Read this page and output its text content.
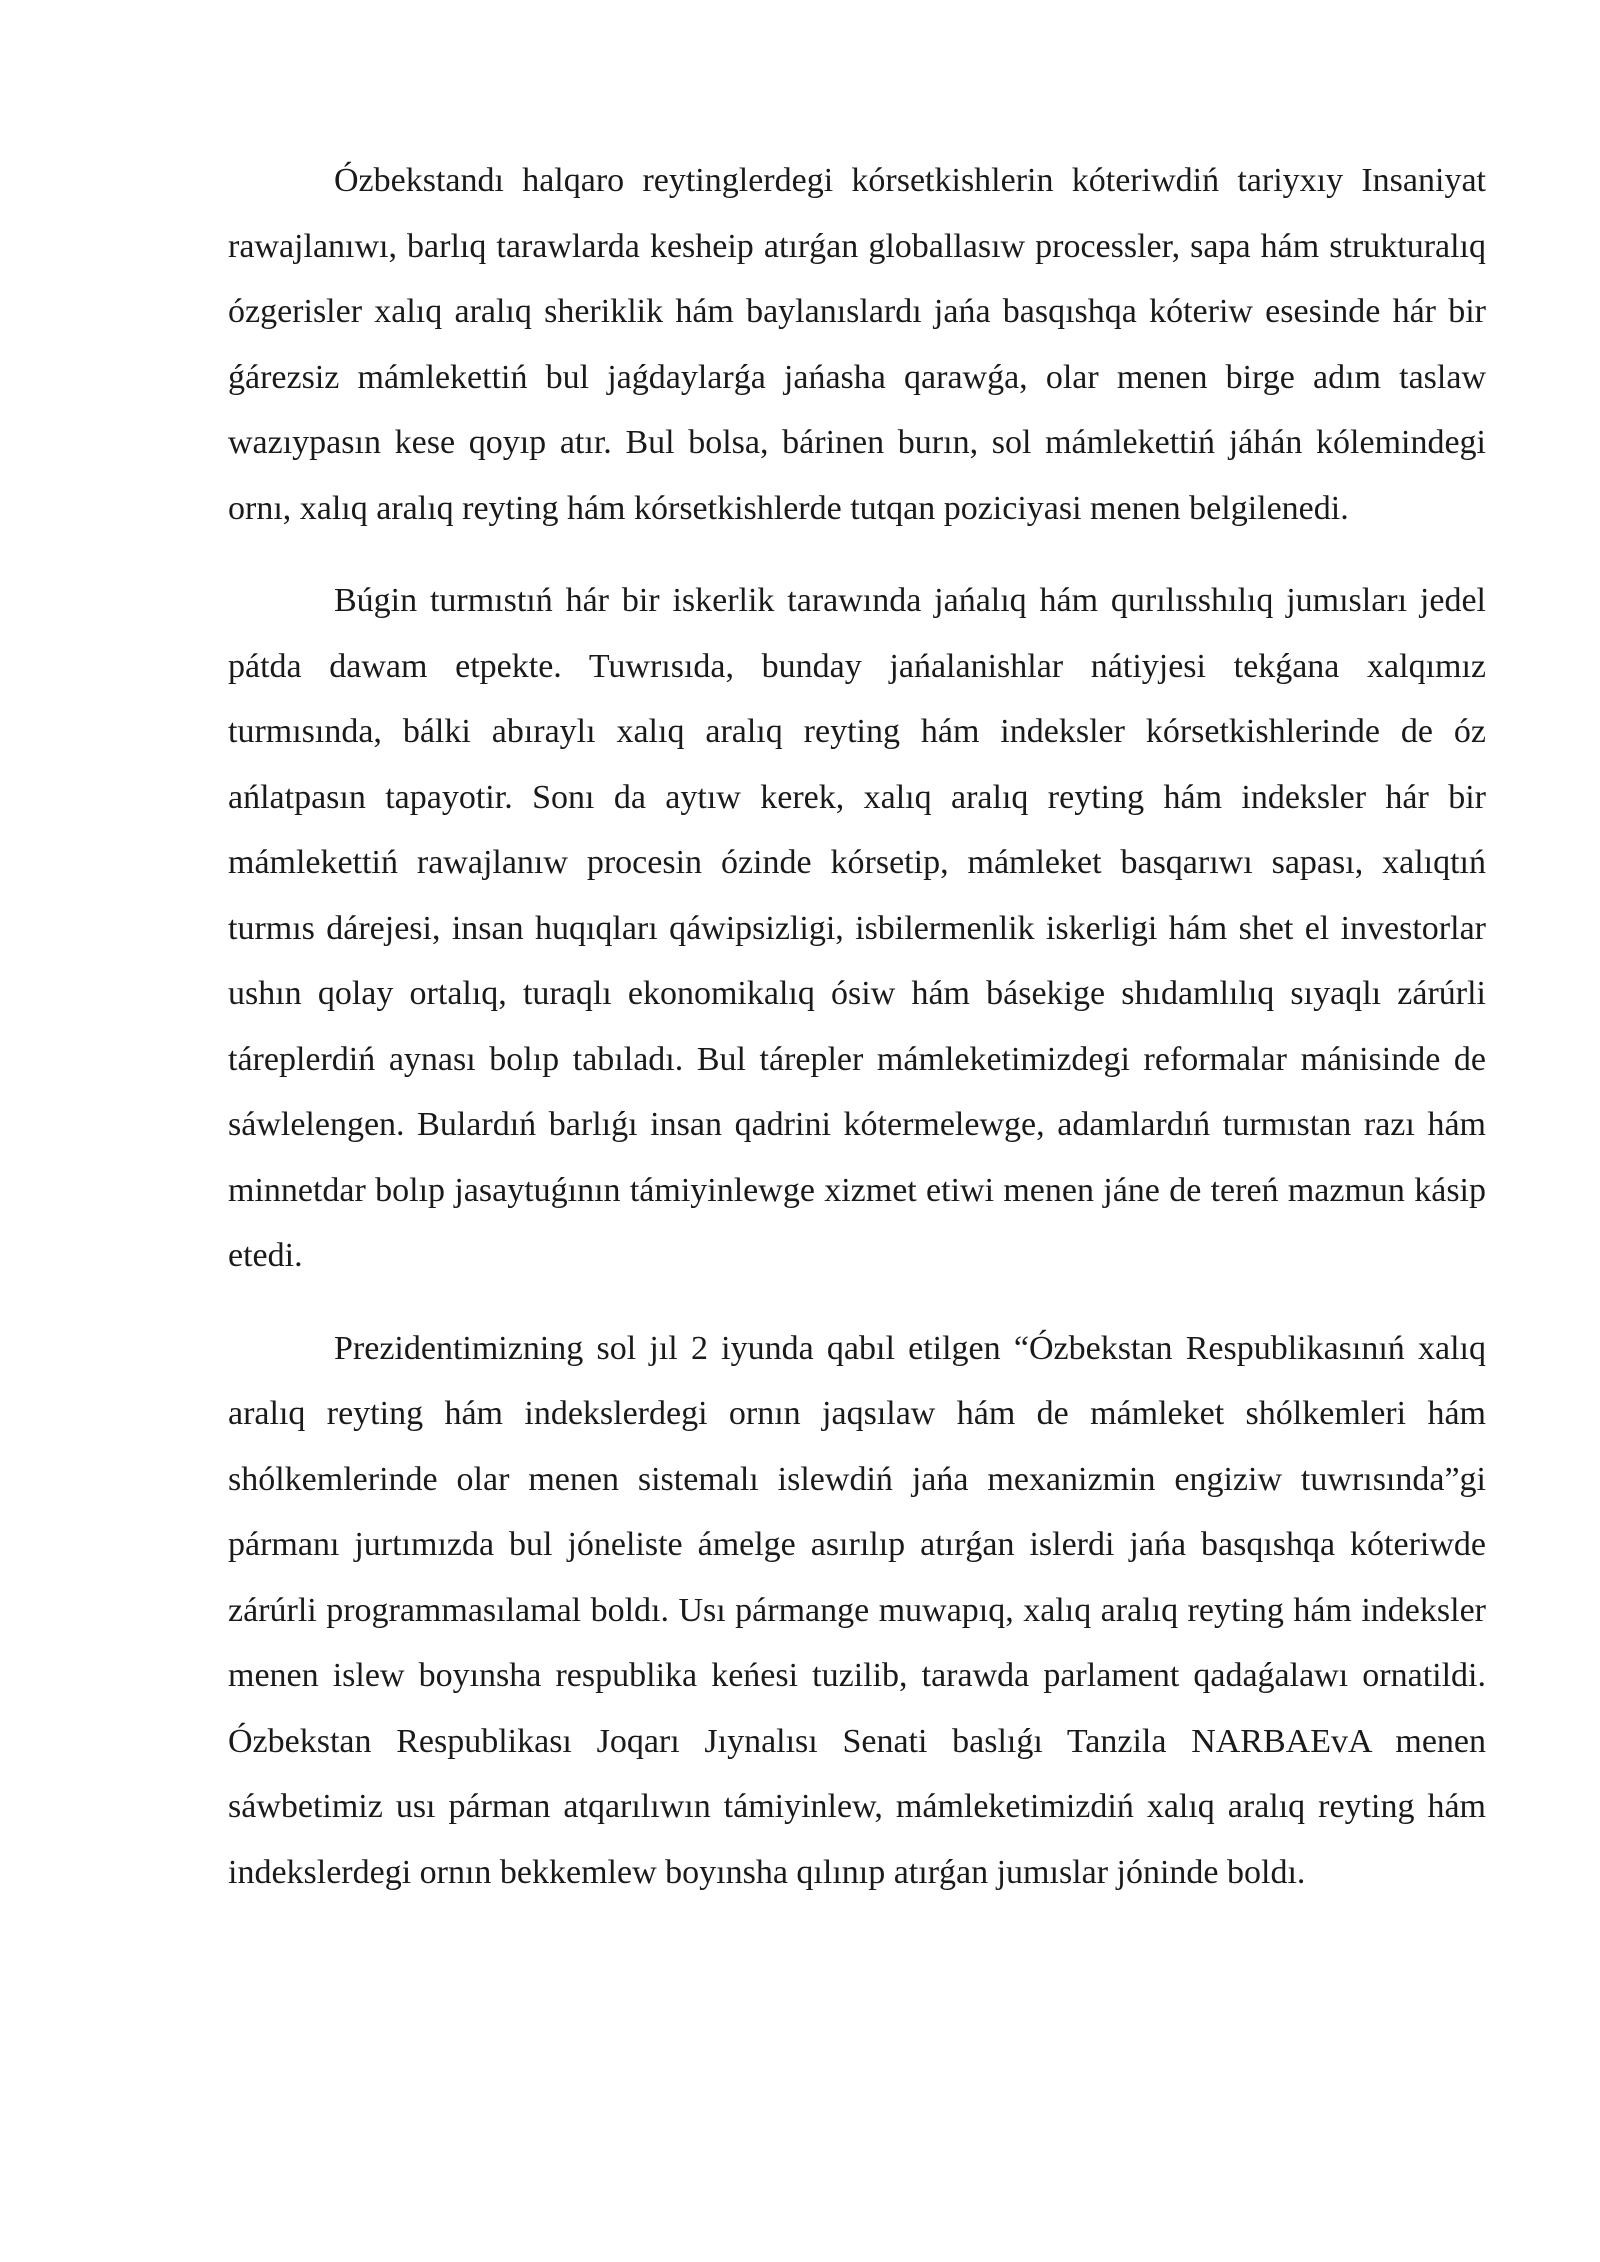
Ózbekstandı halqaro reytinglerdegi kórsetkishlerin kóteriwdiń tariyxıy Insaniyat rawajlanıwı, barlıq tarawlarda kesheip atırǵan globallasıw processler, sapa hám strukturalıq ózgerisler xalıq aralıq sheriklik hám baylanıslardı jańa basqıshqa kóteriw esesinde hár bir ǵárezsiz mámlekettiń bul jaǵdaylarǵa jańasha qarawǵa, olar menen birge adım taslaw wazıypasın kese qoyıp atır. Bul bolsa, bárinen burın, sol mámlekettiń jáhán kólemindegi ornı, xalıq aralıq reyting hám kórsetkishlerde tutqan poziciyasi menen belgilenedi.

Búgin turmıstıń hár bir iskerlik tarawında jańalıq hám qurılısshılıq jumısları jedel pátda dawam etpekte. Tuwrısıda, bunday jańalanishlar nátiyjesi tekǵana xalqımız turmısında, bálki abıraylı xalıq aralıq reyting hám indeksler kórsetkishlerinde de óz ańlatpasın tapayotir. Sonı da aytıw kerek, xalıq aralıq reyting hám indeksler hár bir mámlekettiń rawajlanıw procesin ózinde kórsetip, mámleket basqarıwı sapası, xalıqtıń turmıs dárejesi, insan huqıqları qáwipsizligi, isbilermenlik iskerligi hám shet el investorlar ushın qolay ortalıq, turaqlı ekonomikalıq ósiw hám básekige shıdamlılıq sıyaqlı zárúrli táreplerdiń aynası bolıp tabıladı. Bul tárepler mámleketimizdegi reformalar mánisinde de sáwlelengen. Bulardıń barlıǵı insan qadrini kótermelewge, adamlardıń turmıstan razı hám minnetdar bolıp jasaytuǵının támiyinlewge xizmet etiwi menen jáne de tereń mazmun kásip etedi.

Prezidentimizning sol jıl 2 iyunda qabıl etilgen “Ózbekstan Respublikasınıń xalıq aralıq reyting hám indekslerdegi ornın jaqsılaw hám de mámleket shólkemleri hám shólkemlerinde olar menen sistemalı islewdiń jańa mexanizmin engiziw tuwrısında”gi pármanı jurtımızda bul jóneliste ámelge asırılıp atırǵan islerdi jańa basqıshqa kóteriwde zárúrli programmasılamal boldı. Usı pármange muwapıq, xalıq aralıq reyting hám indeksler menen islew boyınsha respublika keńesi tuzilib, tarawda parlament qadaǵalawı ornatildi. Ózbekstan Respublikası Joqarı Jıynalısı Senati baslıǵı Tanzila NARBAEvA menen sáwbetimiz usı párman atqarılıwın támiyinlew, mámleketimizdiń xalıq aralıq reyting hám indekslerdegi ornın bekkemlew boyınsha qılınıp atırǵan jumıslar jóninde boldı.
